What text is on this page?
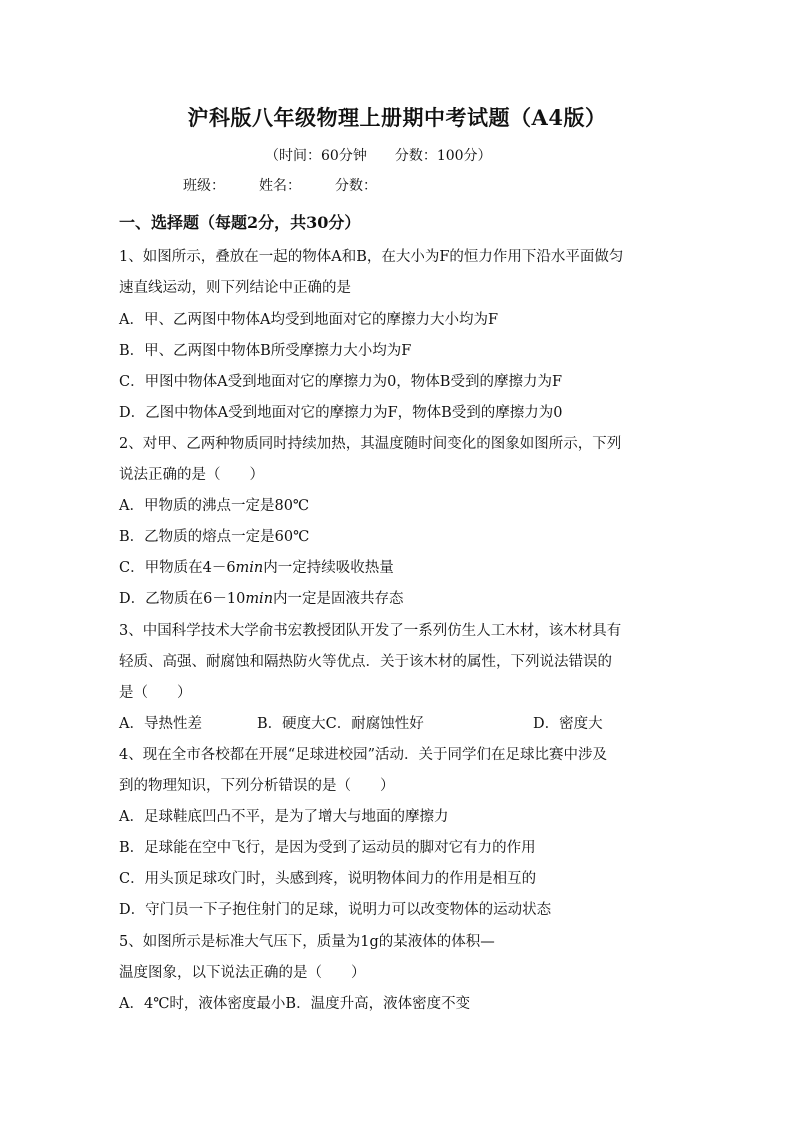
沪科版八年级物理上册期中考试题（A4版）
（时间：60分钟 分数：100分）
班级： 姓名： 分数：
一、选择题（每题2分，共30分）
1、如图所示，叠放在一起的物体A和B，在大小为F的恒力作用下沿水平面做匀
速直线运动，则下列结论中正确的是
A．甲、乙两图中物体A均受到地面对它的摩擦力大小均为F
B．甲、乙两图中物体B所受摩擦力大小均为F
C．甲图中物体A受到地面对它的摩擦力为0，物体B受到的摩擦力为F
D．乙图中物体A受到地面对它的摩擦力为F，物体B受到的摩擦力为0
2、对甲、乙两种物质同时持续加热，其温度随时间变化的图象如图所示，下列
说法正确的是（　　）
A．甲物质的沸点一定是80℃
B．乙物质的熔点一定是60℃
C．甲物质在4－6min内一定持续吸收热量
D．乙物质在6－10min内一定是固液共存态
3、中国科学技术大学俞书宏教授团队开发了一系列仿生人工木材，该木材具有
轻质、高强、耐腐蚀和隔热防火等优点．关于该木材的属性，下列说法错误的
是（　　）
A．导热性差	B．硬度大C．耐腐蚀性好	D．密度大
4、现在全市各校都在开展“足球进校园”活动．关于同学们在足球比赛中涉及
到的物理知识，下列分析错误的是（　　）
A．足球鞋底凹凸不平，是为了增大与地面的摩擦力
B．足球能在空中飞行，是因为受到了运动员的脚对它有力的作用
C．用头顶足球攻门时，头感到疼，说明物体间力的作用是相互的
D．守门员一下子抱住射门的足球，说明力可以改变物体的运动状态
5、如图所示是标准大气压下，质量为1g的某液体的体积—
温度图象，以下说法正确的是（　　）
A．4℃时，液体密度最小B．温度升高，液体密度不变
